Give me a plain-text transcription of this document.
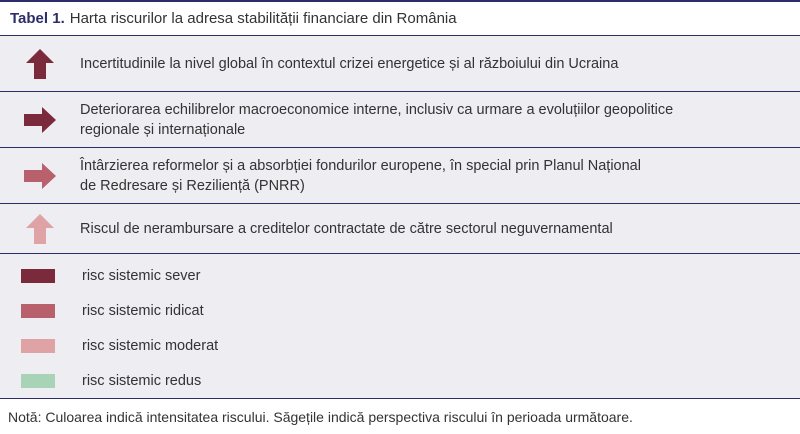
Tabel 1. Harta riscurilor la adresa stabilității financiare din România
Incertitudinile la nivel global în contextul crizei energetice și al războiului din Ucraina
Deteriorarea echilibrelor macroeconomice interne, inclusiv ca urmare a evoluțiilor geopolitice
regionale și internaționale
Întârzierea reformelor și a absorbției fondurilor europene, în special prin Planul Național
de Redresare și Reziliență (PNRR)
Riscul de nerambursare a creditelor contractate de către sectorul neguvernamental
risc sistemic sever
risc sistemic ridicat
risc sistemic moderat
risc sistemic redus
Notă: Culoarea indică intensitatea riscului. Săgețile indică perspectiva riscului în perioada următoare.
